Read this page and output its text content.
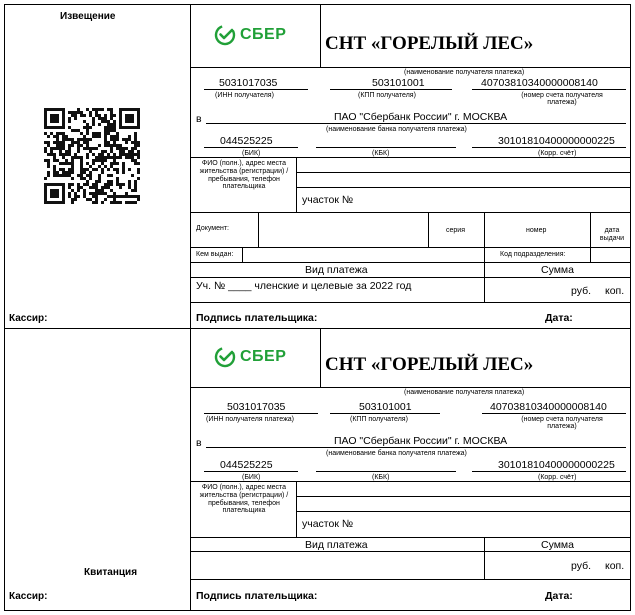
Извещение
Кассир:
Квитанция
Кассир:
СБЕР СНТ «ГОРЕЛЫЙ ЛЕС»
(наименование получателя платежа)
5031017035
(ИНН получателя)
503101001
(КПП получателя)
40703810340000008140
(номер счета получателя платежа)
в	ПАО "Сбербанк России" г. МОСКВА
(наименование банка получателя платежа)
044525225
(БИК)	(КБК)
30101810400000000225
(Корр. счёт)
ФИО (полн.), адрес места жительства (регистрации) / пребывания, телефон плательщика
участок №
Документ:	серия	номер	дата выдачи
Кем выдан:	Код подразделения:
Вид платежа	Сумма
Уч. № ____ членские и целевые за 2022 год	руб. коп.
Подпись плательщика:	Дата:
СБЕР СНТ «ГОРЕЛЫЙ ЛЕС»
(наименование получателя платежа)
5031017035
(ИНН получателя платежа)
503101001
(КПП получателя)
40703810340000008140
(номер счета получателя платежа)
в	ПАО "Сбербанк России" г. МОСКВА
(наименование банка получателя платежа)
044525225
(БИК)	(КБК)
30101810400000000225
(Корр. счёт)
ФИО (полн.), адрес места жительства (регистрации) / пребывания, телефон плательщика
участок №
Вид платежа	Сумма
руб. коп.
Подпись плательщика:	Дата:
